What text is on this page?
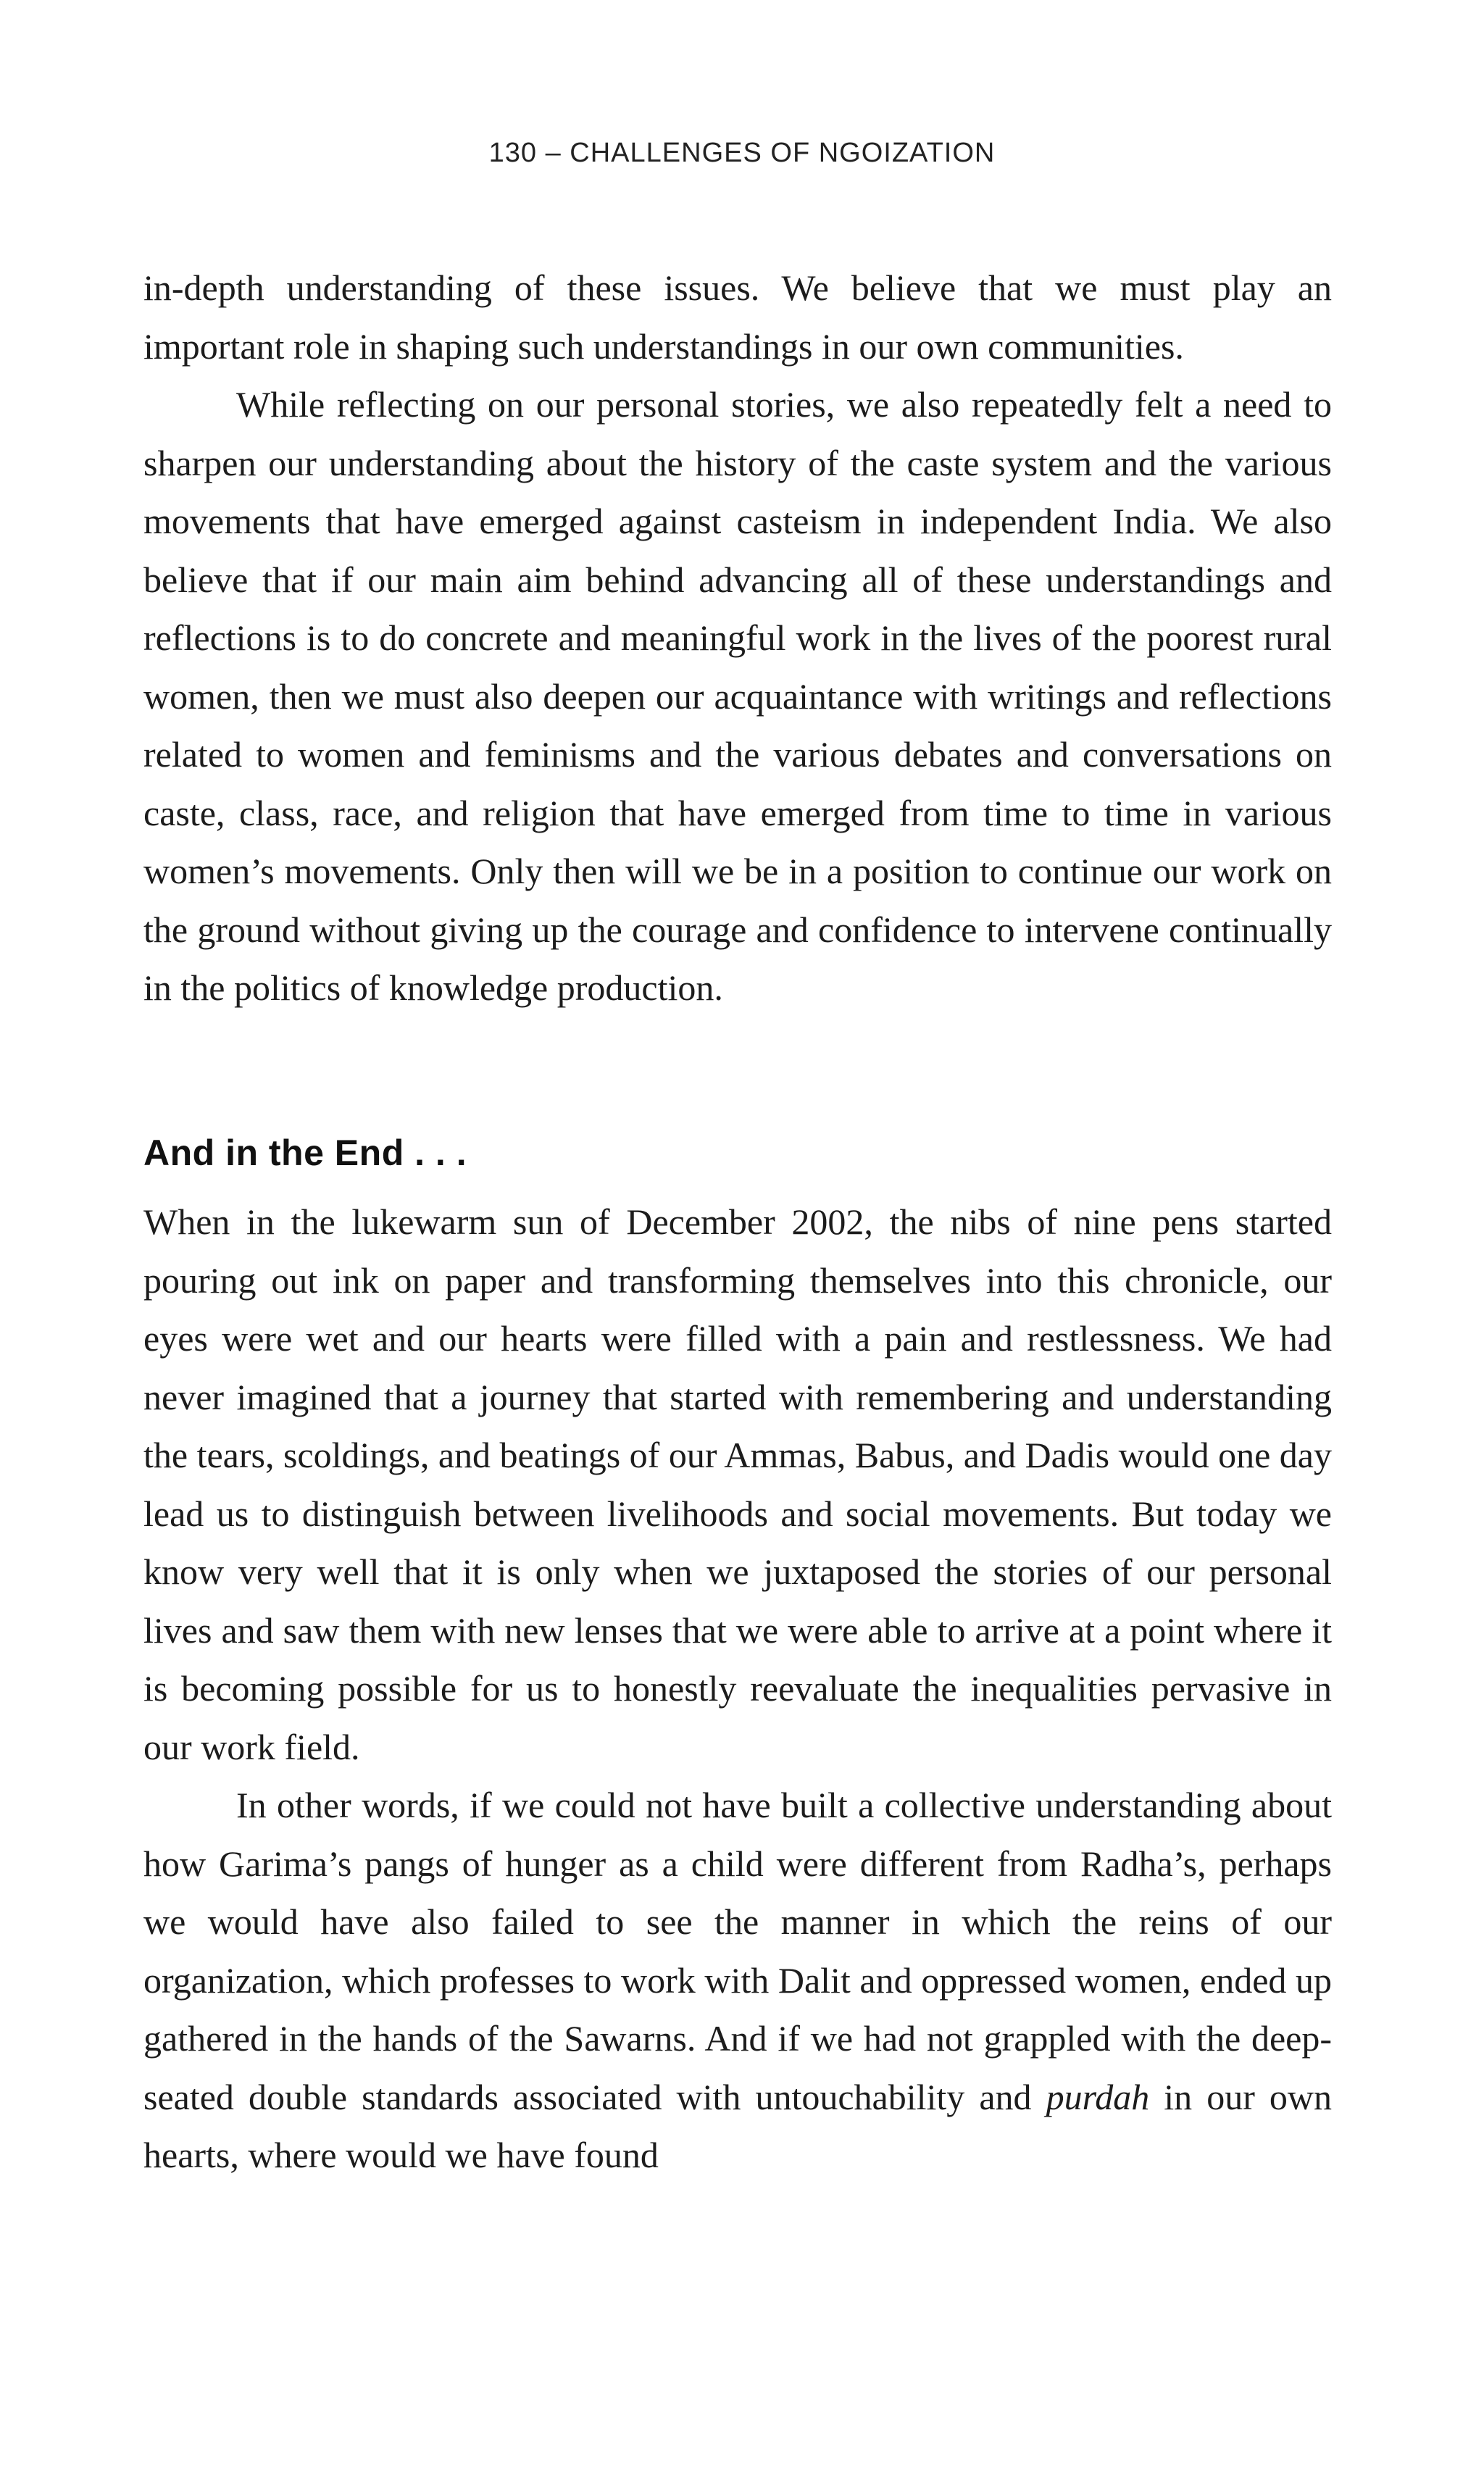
130 – CHALLENGES OF NGOIZATION

in-depth understanding of these issues. We believe that we must play an important role in shaping such understandings in our own communities.

While reflecting on our personal stories, we also repeatedly felt a need to sharpen our understanding about the history of the caste system and the various movements that have emerged against casteism in independent India. We also believe that if our main aim behind advancing all of these understandings and reflections is to do concrete and meaningful work in the lives of the poorest rural women, then we must also deepen our acquaintance with writings and reflections related to women and feminisms and the various debates and conversations on caste, class, race, and religion that have emerged from time to time in various women’s movements. Only then will we be in a position to continue our work on the ground without giving up the courage and confidence to intervene continually in the politics of knowledge production.

And in the End . . .

When in the lukewarm sun of December 2002, the nibs of nine pens started pouring out ink on paper and transforming themselves into this chronicle, our eyes were wet and our hearts were filled with a pain and restlessness. We had never imagined that a journey that started with remembering and understanding the tears, scoldings, and beatings of our Ammas, Babus, and Dadis would one day lead us to distinguish between livelihoods and social movements. But today we know very well that it is only when we juxtaposed the stories of our personal lives and saw them with new lenses that we were able to arrive at a point where it is becoming possible for us to honestly reevaluate the inequalities pervasive in our work field.

In other words, if we could not have built a collective understanding about how Garima’s pangs of hunger as a child were different from Radha’s, perhaps we would have also failed to see the manner in which the reins of our organization, which professes to work with Dalit and oppressed women, ended up gathered in the hands of the Sawarns. And if we had not grappled with the deep-seated double standards associated with untouchability and purdah in our own hearts, where would we have found
